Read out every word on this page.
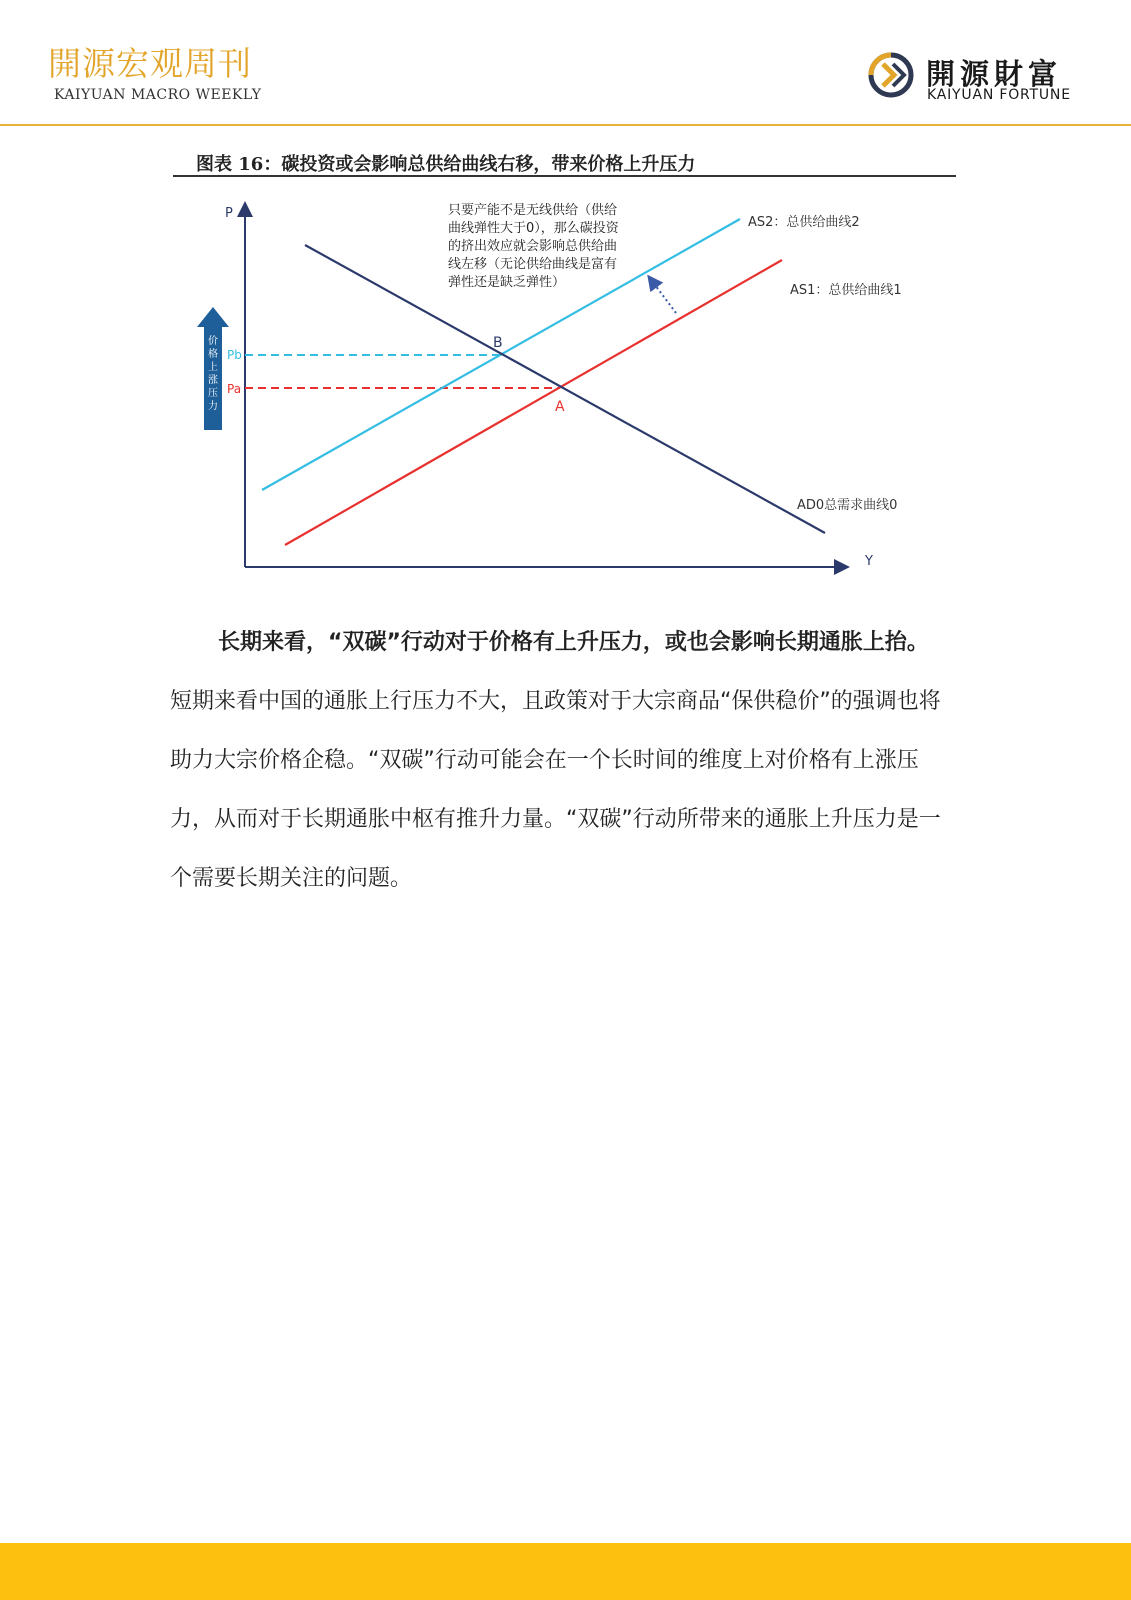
開源宏观周刊
KAIYUAN MACRO WEEKLY
開源財富
KAIYUAN FORTUNE
图表 16：碳投资或会影响总供给曲线右移，带来价格上升压力
P
Y
Pb
Pa
B
A
AS2：总供给曲线2
AS1：总供给曲线1
AD0总需求曲线0
只要产能不是无线供给（供给
曲线弹性大于0），那么碳投资
的挤出效应就会影响总供给曲
线左移（无论供给曲线是富有
弹性还是缺乏弹性）
价
格
上
涨
压
力

长期来看，“双碳”行动对于价格有上升压力，或也会影响长期通胀上抬。短期来看中国的通胀上行压力不大，且政策对于大宗商品“保供稳价”的强调也将助力大宗价格企稳。“双碳”行动可能会在一个长时间的维度上对价格有上涨压力，从而对于长期通胀中枢有推升力量。“双碳”行动所带来的通胀上升压力是一个需要长期关注的问题。
